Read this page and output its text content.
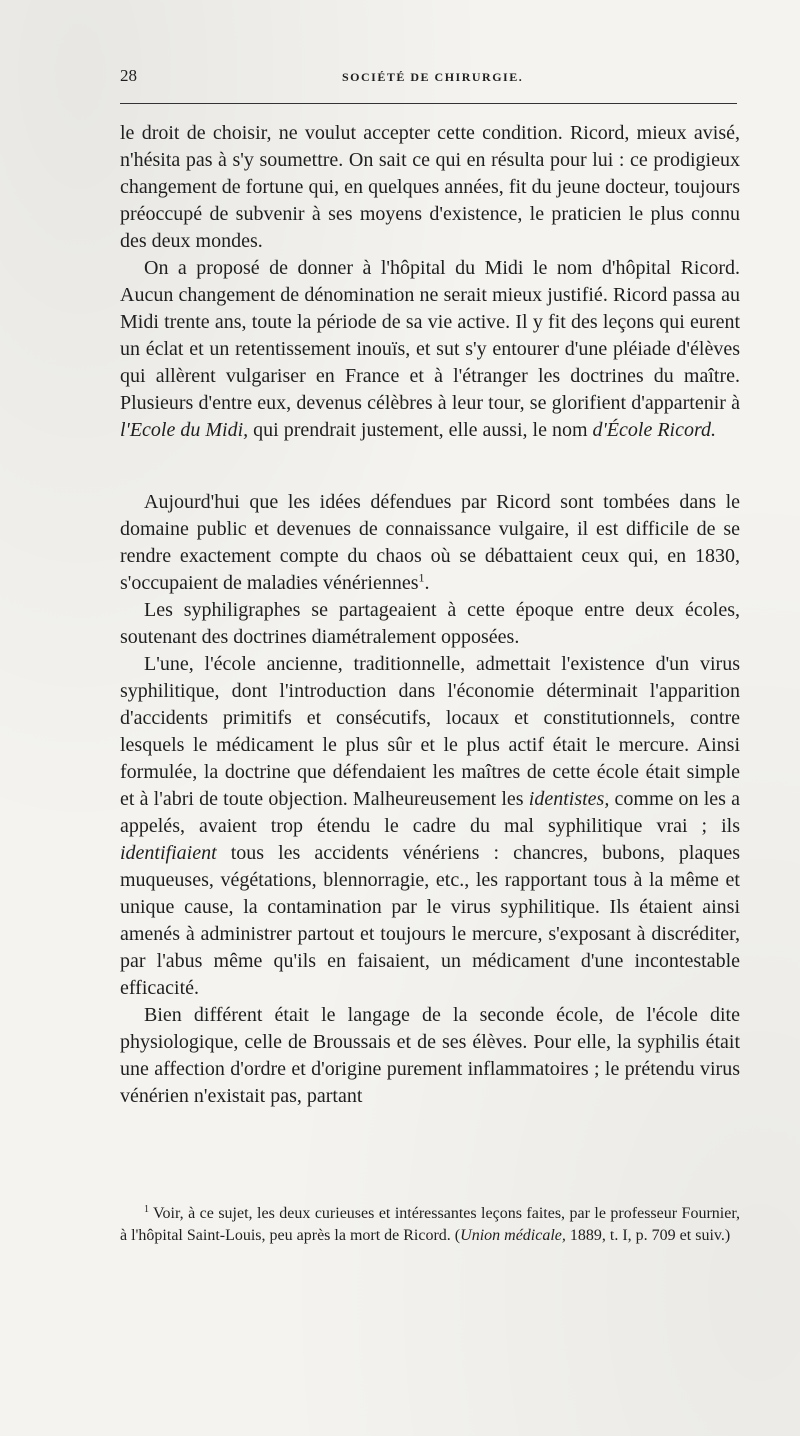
28	SOCIÉTÉ DE CHIRURGIE.

le droit de choisir, ne voulut accepter cette condition. Ricord, mieux avisé, n'hésita pas à s'y soumettre. On sait ce qui en résulta pour lui : ce prodigieux changement de fortune qui, en quelques années, fit du jeune docteur, toujours préoccupé de subvenir à ses moyens d'existence, le praticien le plus connu des deux mondes.

On a proposé de donner à l'hôpital du Midi le nom d'hôpital Ricord. Aucun changement de dénomination ne serait mieux justifié. Ricord passa au Midi trente ans, toute la période de sa vie active. Il y fit des leçons qui eurent un éclat et un retentissement inouïs, et sut s'y entourer d'une pléiade d'élèves qui allèrent vulgariser en France et à l'étranger les doctrines du maître. Plusieurs d'entre eux, devenus célèbres à leur tour, se glorifient d'appartenir à l'Ecole du Midi, qui prendrait justement, elle aussi, le nom d'École Ricord.

Aujourd'hui que les idées défendues par Ricord sont tombées dans le domaine public et devenues de connaissance vulgaire, il est difficile de se rendre exactement compte du chaos où se débattaient ceux qui, en 1830, s'occupaient de maladies vénériennes$^1$.

Les syphiligraphes se partageaient à cette époque entre deux écoles, soutenant des doctrines diamétralement opposées.

L'une, l'école ancienne, traditionnelle, admettait l'existence d'un virus syphilitique, dont l'introduction dans l'économie déterminait l'apparition d'accidents primitifs et consécutifs, locaux et constitutionnels, contre lesquels le médicament le plus sûr et le plus actif était le mercure. Ainsi formulée, la doctrine que défendaient les maîtres de cette école était simple et à l'abri de toute objection. Malheureusement les identistes, comme on les a appelés, avaient trop étendu le cadre du mal syphilitique vrai ; ils identifiaient tous les accidents vénériens : chancres, bubons, plaques muqueuses, végétations, blennorragie, etc., les rapportant tous à la même et unique cause, la contamination par le virus syphilitique. Ils étaient ainsi amenés à administrer partout et toujours le mercure, s'exposant à discréditer, par l'abus même qu'ils en faisaient, un médicament d'une incontestable efficacité.

Bien différent était le langage de la seconde école, de l'école dite physiologique, celle de Broussais et de ses élèves. Pour elle, la syphilis était une affection d'ordre et d'origine purement inflammatoires ; le prétendu virus vénérien n'existait pas, partant

$^1$ Voir, à ce sujet, les deux curieuses et intéressantes leçons faites, par le professeur Fournier, à l'hôpital Saint-Louis, peu après la mort de Ricord. (Union médicale, 1889, t. I, p. 709 et suiv.)
